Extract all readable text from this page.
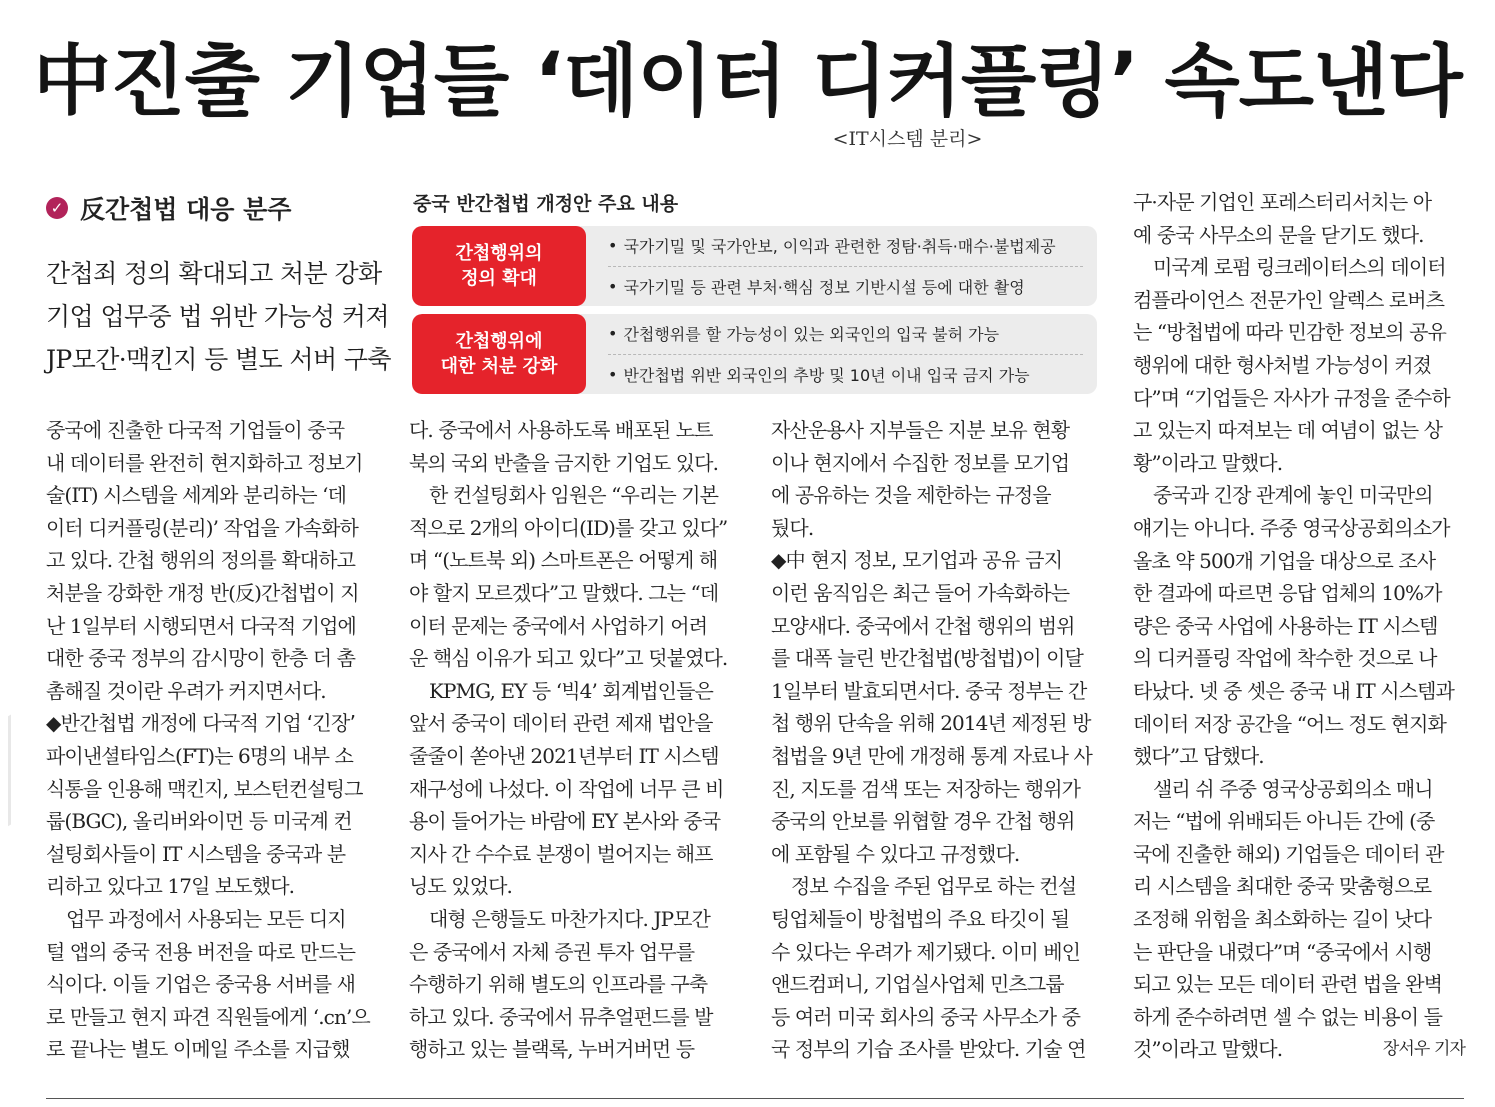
中진출 기업들 ‘데이터 디커플링’ 속도낸다
<IT시스템 분리>
✓ 反간첩법 대응 분주
간첩죄 정의 확대되고 처분 강화
기업 업무중 법 위반 가능성 커져
JP모간·맥킨지 등 별도 서버 구축
중국 반간첩법 개정안 주요 내용
간첩행위의
정의 확대
• 국가기밀 및 국가안보, 이익과 관련한 정탐·취득·매수·불법제공
• 국가기밀 등 관련 부처·핵심 정보 기반시설 등에 대한 촬영
간첩행위에
대한 처분 강화
• 간첩행위를 할 가능성이 있는 외국인의 입국 불허 가능
• 반간첩법 위반 외국인의 추방 및 10년 이내 입국 금지 가능
중국에 진출한 다국적 기업들이 중국
내 데이터를 완전히 현지화하고 정보기
술(IT) 시스템을 세계와 분리하는 ‘데
이터 디커플링(분리)’ 작업을 가속화하
고 있다. 간첩 행위의 정의를 확대하고
처분을 강화한 개정 반(反)간첩법이 지
난 1일부터 시행되면서 다국적 기업에
대한 중국 정부의 감시망이 한층 더 촘
촘해질 것이란 우려가 커지면서다.
◆반간첩법 개정에 다국적 기업 ‘긴장’
파이낸셜타임스(FT)는 6명의 내부 소
식통을 인용해 맥킨지, 보스턴컨설팅그
룹(BGC), 올리버와이먼 등 미국계 컨
설팅회사들이 IT 시스템을 중국과 분
리하고 있다고 17일 보도했다.
업무 과정에서 사용되는 모든 디지
털 앱의 중국 전용 버전을 따로 만드는
식이다. 이들 기업은 중국용 서버를 새
로 만들고 현지 파견 직원들에게 ‘.cn’으
로 끝나는 별도 이메일 주소를 지급했
다. 중국에서 사용하도록 배포된 노트
북의 국외 반출을 금지한 기업도 있다.
한 컨설팅회사 임원은 “우리는 기본
적으로 2개의 아이디(ID)를 갖고 있다”
며 “(노트북 외) 스마트폰은 어떻게 해
야 할지 모르겠다”고 말했다. 그는 “데
이터 문제는 중국에서 사업하기 어려
운 핵심 이유가 되고 있다”고 덧붙였다.
KPMG, EY 등 ‘빅4’ 회계법인들은
앞서 중국이 데이터 관련 제재 법안을
줄줄이 쏟아낸 2021년부터 IT 시스템
재구성에 나섰다. 이 작업에 너무 큰 비
용이 들어가는 바람에 EY 본사와 중국
지사 간 수수료 분쟁이 벌어지는 해프
닝도 있었다.
대형 은행들도 마찬가지다. JP모간
은 중국에서 자체 증권 투자 업무를
수행하기 위해 별도의 인프라를 구축
하고 있다. 중국에서 뮤추얼펀드를 발
행하고 있는 블랙록, 누버거버먼 등
자산운용사 지부들은 지분 보유 현황
이나 현지에서 수집한 정보를 모기업
에 공유하는 것을 제한하는 규정을
뒀다.
◆中 현지 정보, 모기업과 공유 금지
이런 움직임은 최근 들어 가속화하는
모양새다. 중국에서 간첩 행위의 범위
를 대폭 늘린 반간첩법(방첩법)이 이달
1일부터 발효되면서다. 중국 정부는 간
첩 행위 단속을 위해 2014년 제정된 방
첩법을 9년 만에 개정해 통계 자료나 사
진, 지도를 검색 또는 저장하는 행위가
중국의 안보를 위협할 경우 간첩 행위
에 포함될 수 있다고 규정했다.
정보 수집을 주된 업무로 하는 컨설
팅업체들이 방첩법의 주요 타깃이 될
수 있다는 우려가 제기됐다. 이미 베인
앤드컴퍼니, 기업실사업체 민츠그룹
등 여러 미국 회사의 중국 사무소가 중
국 정부의 기습 조사를 받았다. 기술 연
구·자문 기업인 포레스터리서치는 아
예 중국 사무소의 문을 닫기도 했다.
미국계 로펌 링크레이터스의 데이터
컴플라이언스 전문가인 알렉스 로버츠
는 “방첩법에 따라 민감한 정보의 공유
행위에 대한 형사처벌 가능성이 커졌
다”며 “기업들은 자사가 규정을 준수하
고 있는지 따져보는 데 여념이 없는 상
황”이라고 말했다.
중국과 긴장 관계에 놓인 미국만의
얘기는 아니다. 주중 영국상공회의소가
올초 약 500개 기업을 대상으로 조사
한 결과에 따르면 응답 업체의 10%가
량은 중국 사업에 사용하는 IT 시스템
의 디커플링 작업에 착수한 것으로 나
타났다. 넷 중 셋은 중국 내 IT 시스템과
데이터 저장 공간을 “어느 정도 현지화
했다”고 답했다.
샐리 쉬 주중 영국상공회의소 매니
저는 “법에 위배되든 아니든 간에 (중
국에 진출한 해외) 기업들은 데이터 관
리 시스템을 최대한 중국 맞춤형으로
조정해 위험을 최소화하는 길이 낫다
는 판단을 내렸다”며 “중국에서 시행
되고 있는 모든 데이터 관련 법을 완벽
하게 준수하려면 셀 수 없는 비용이 들
것”이라고 말했다.	장서우 기자
